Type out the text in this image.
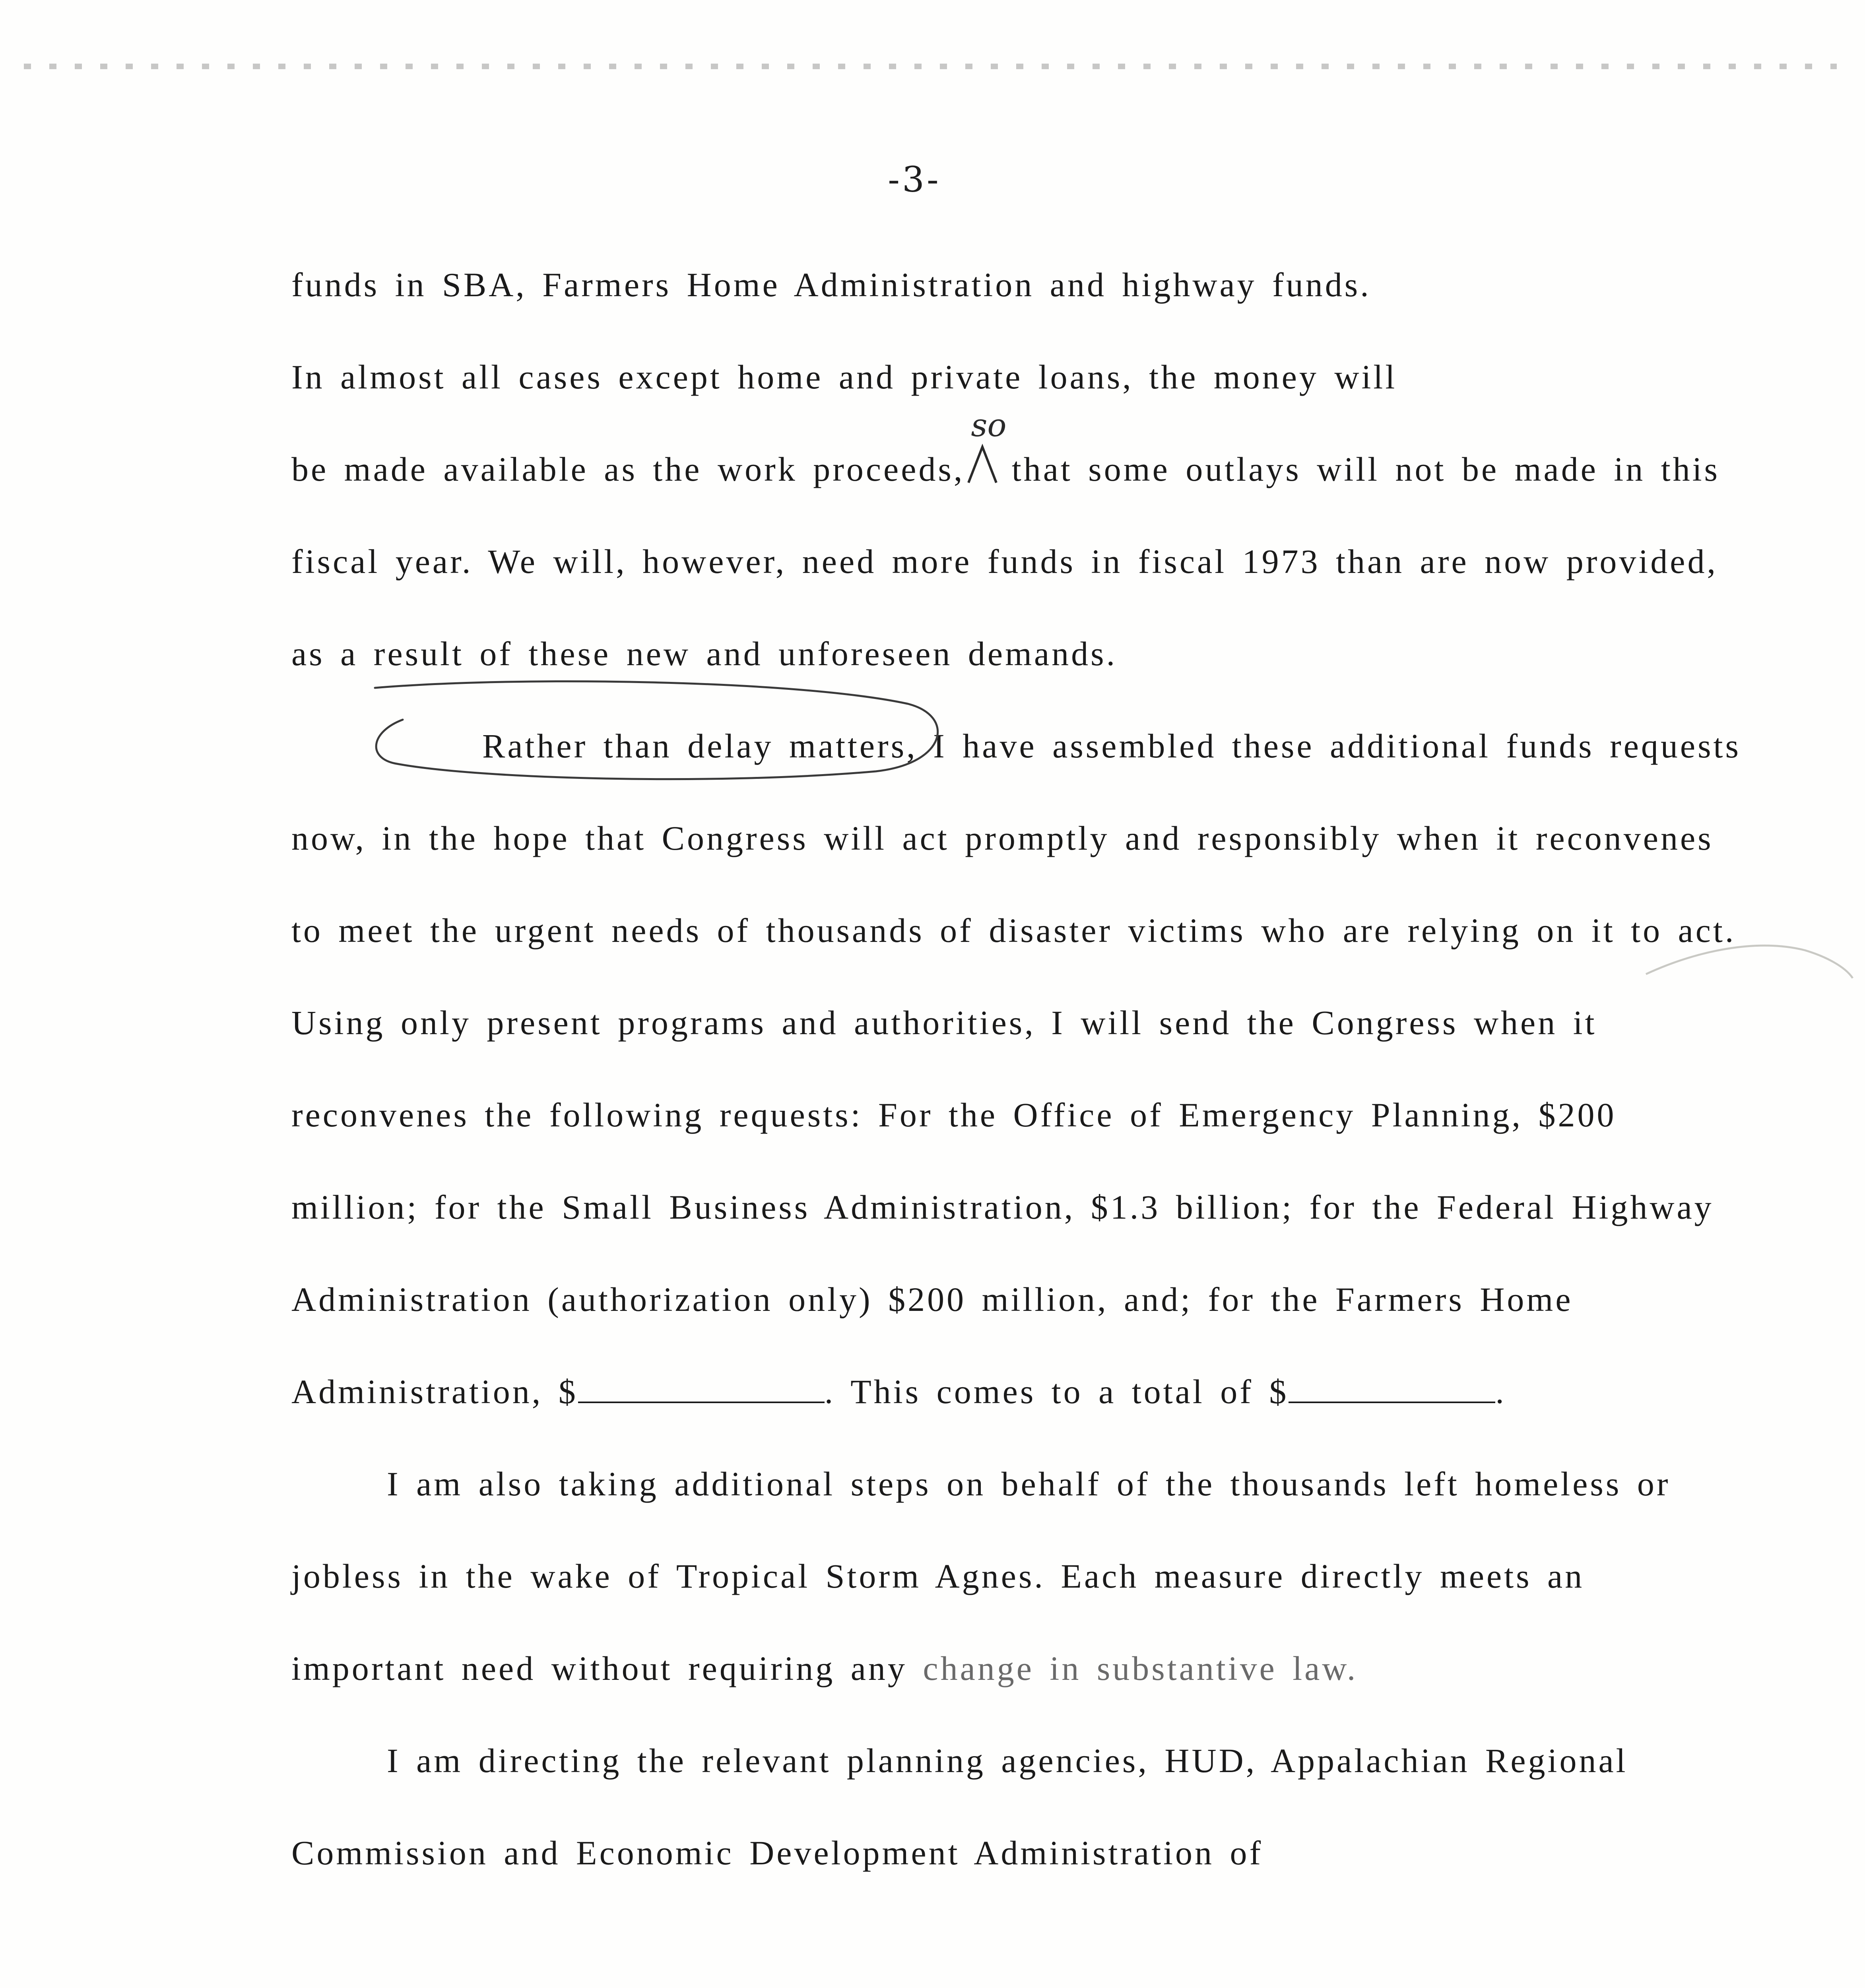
-3-

funds in SBA, Farmers Home Administration and highway funds.
In almost all cases except home and private loans, the money will
be made available as the work proceeds,
so
that some outlays will not be made in this fiscal year. We will, however, need more funds in fiscal 1973 than are now provided, as a result of these new and unforeseen demands.

Rather than delay matters, I have assembled these additional funds requests now, in the hope that Congress will act promptly and responsibly when it reconvenes to meet the urgent needs of thousands of disaster victims who are relying on it to act. Using only present programs and authorities, I will send the Congress when it reconvenes the following requests: For the Office of Emergency Planning, $200 million; for the Small Business Administration, $1.3 billion; for the Federal Highway Administration (authorization only) $200 million, and; for the Farmers Home Administration, $	. This comes to a total of $	.

I am also taking additional steps on behalf of the thousands left homeless or jobless in the wake of Tropical Storm Agnes. Each measure directly meets an important need without requiring any change in substantive law.

I am directing the relevant planning agencies, HUD, Appalachian Regional Commission and Economic Development Administration of
